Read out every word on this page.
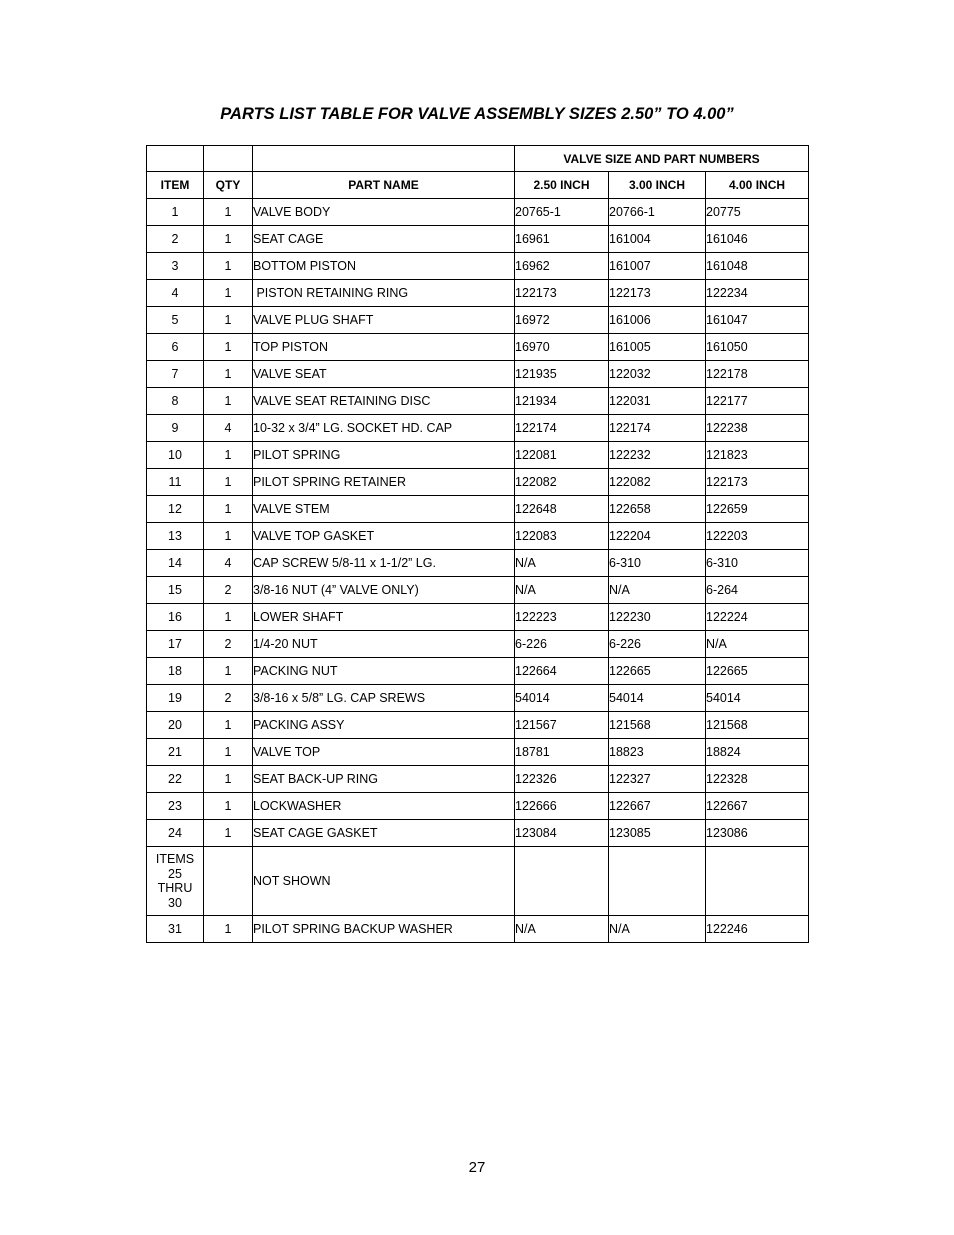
PARTS LIST TABLE FOR VALVE ASSEMBLY SIZES 2.50” TO 4.00”
			VALVE SIZE AND PART NUMBERS		
ITEM	QTY	PART NAME	2.50 INCH	3.00 INCH	4.00 INCH
1	1	VALVE BODY	20765-1	20766-1	20775
2	1	SEAT CAGE	16961	161004	161046
3	1	BOTTOM PISTON	16962	161007	161048
4	1	PISTON RETAINING RING	122173	122173	122234
5	1	VALVE PLUG SHAFT	16972	161006	161047
6	1	TOP PISTON	16970	161005	161050
7	1	VALVE SEAT	121935	122032	122178
8	1	VALVE SEAT RETAINING DISC	121934	122031	122177
9	4	10-32 x 3/4” LG. SOCKET HD. CAP	122174	122174	122238
10	1	PILOT SPRING	122081	122232	121823
11	1	PILOT SPRING RETAINER	122082	122082	122173
12	1	VALVE STEM	122648	122658	122659
13	1	VALVE TOP GASKET	122083	122204	122203
14	4	CAP SCREW 5/8-11 x 1-1/2” LG.	N/A	6-310	6-310
15	2	3/8-16 NUT (4” VALVE ONLY)	N/A	N/A	6-264
16	1	LOWER SHAFT	122223	122230	122224
17	2	1/4-20 NUT	6-226	6-226	N/A
18	1	PACKING NUT	122664	122665	122665
19	2	3/8-16 x 5/8” LG. CAP SREWS	54014	54014	54014
20	1	PACKING ASSY	121567	121568	121568
21	1	VALVE TOP	18781	18823	18824
22	1	SEAT BACK-UP RING	122326	122327	122328
23	1	LOCKWASHER	122666	122667	122667
24	1	SEAT CAGE GASKET	123084	123085	123086
ITEMS
25
THRU
30		NOT SHOWN			
31	1	PILOT SPRING BACKUP WASHER	N/A	N/A	122246
27
